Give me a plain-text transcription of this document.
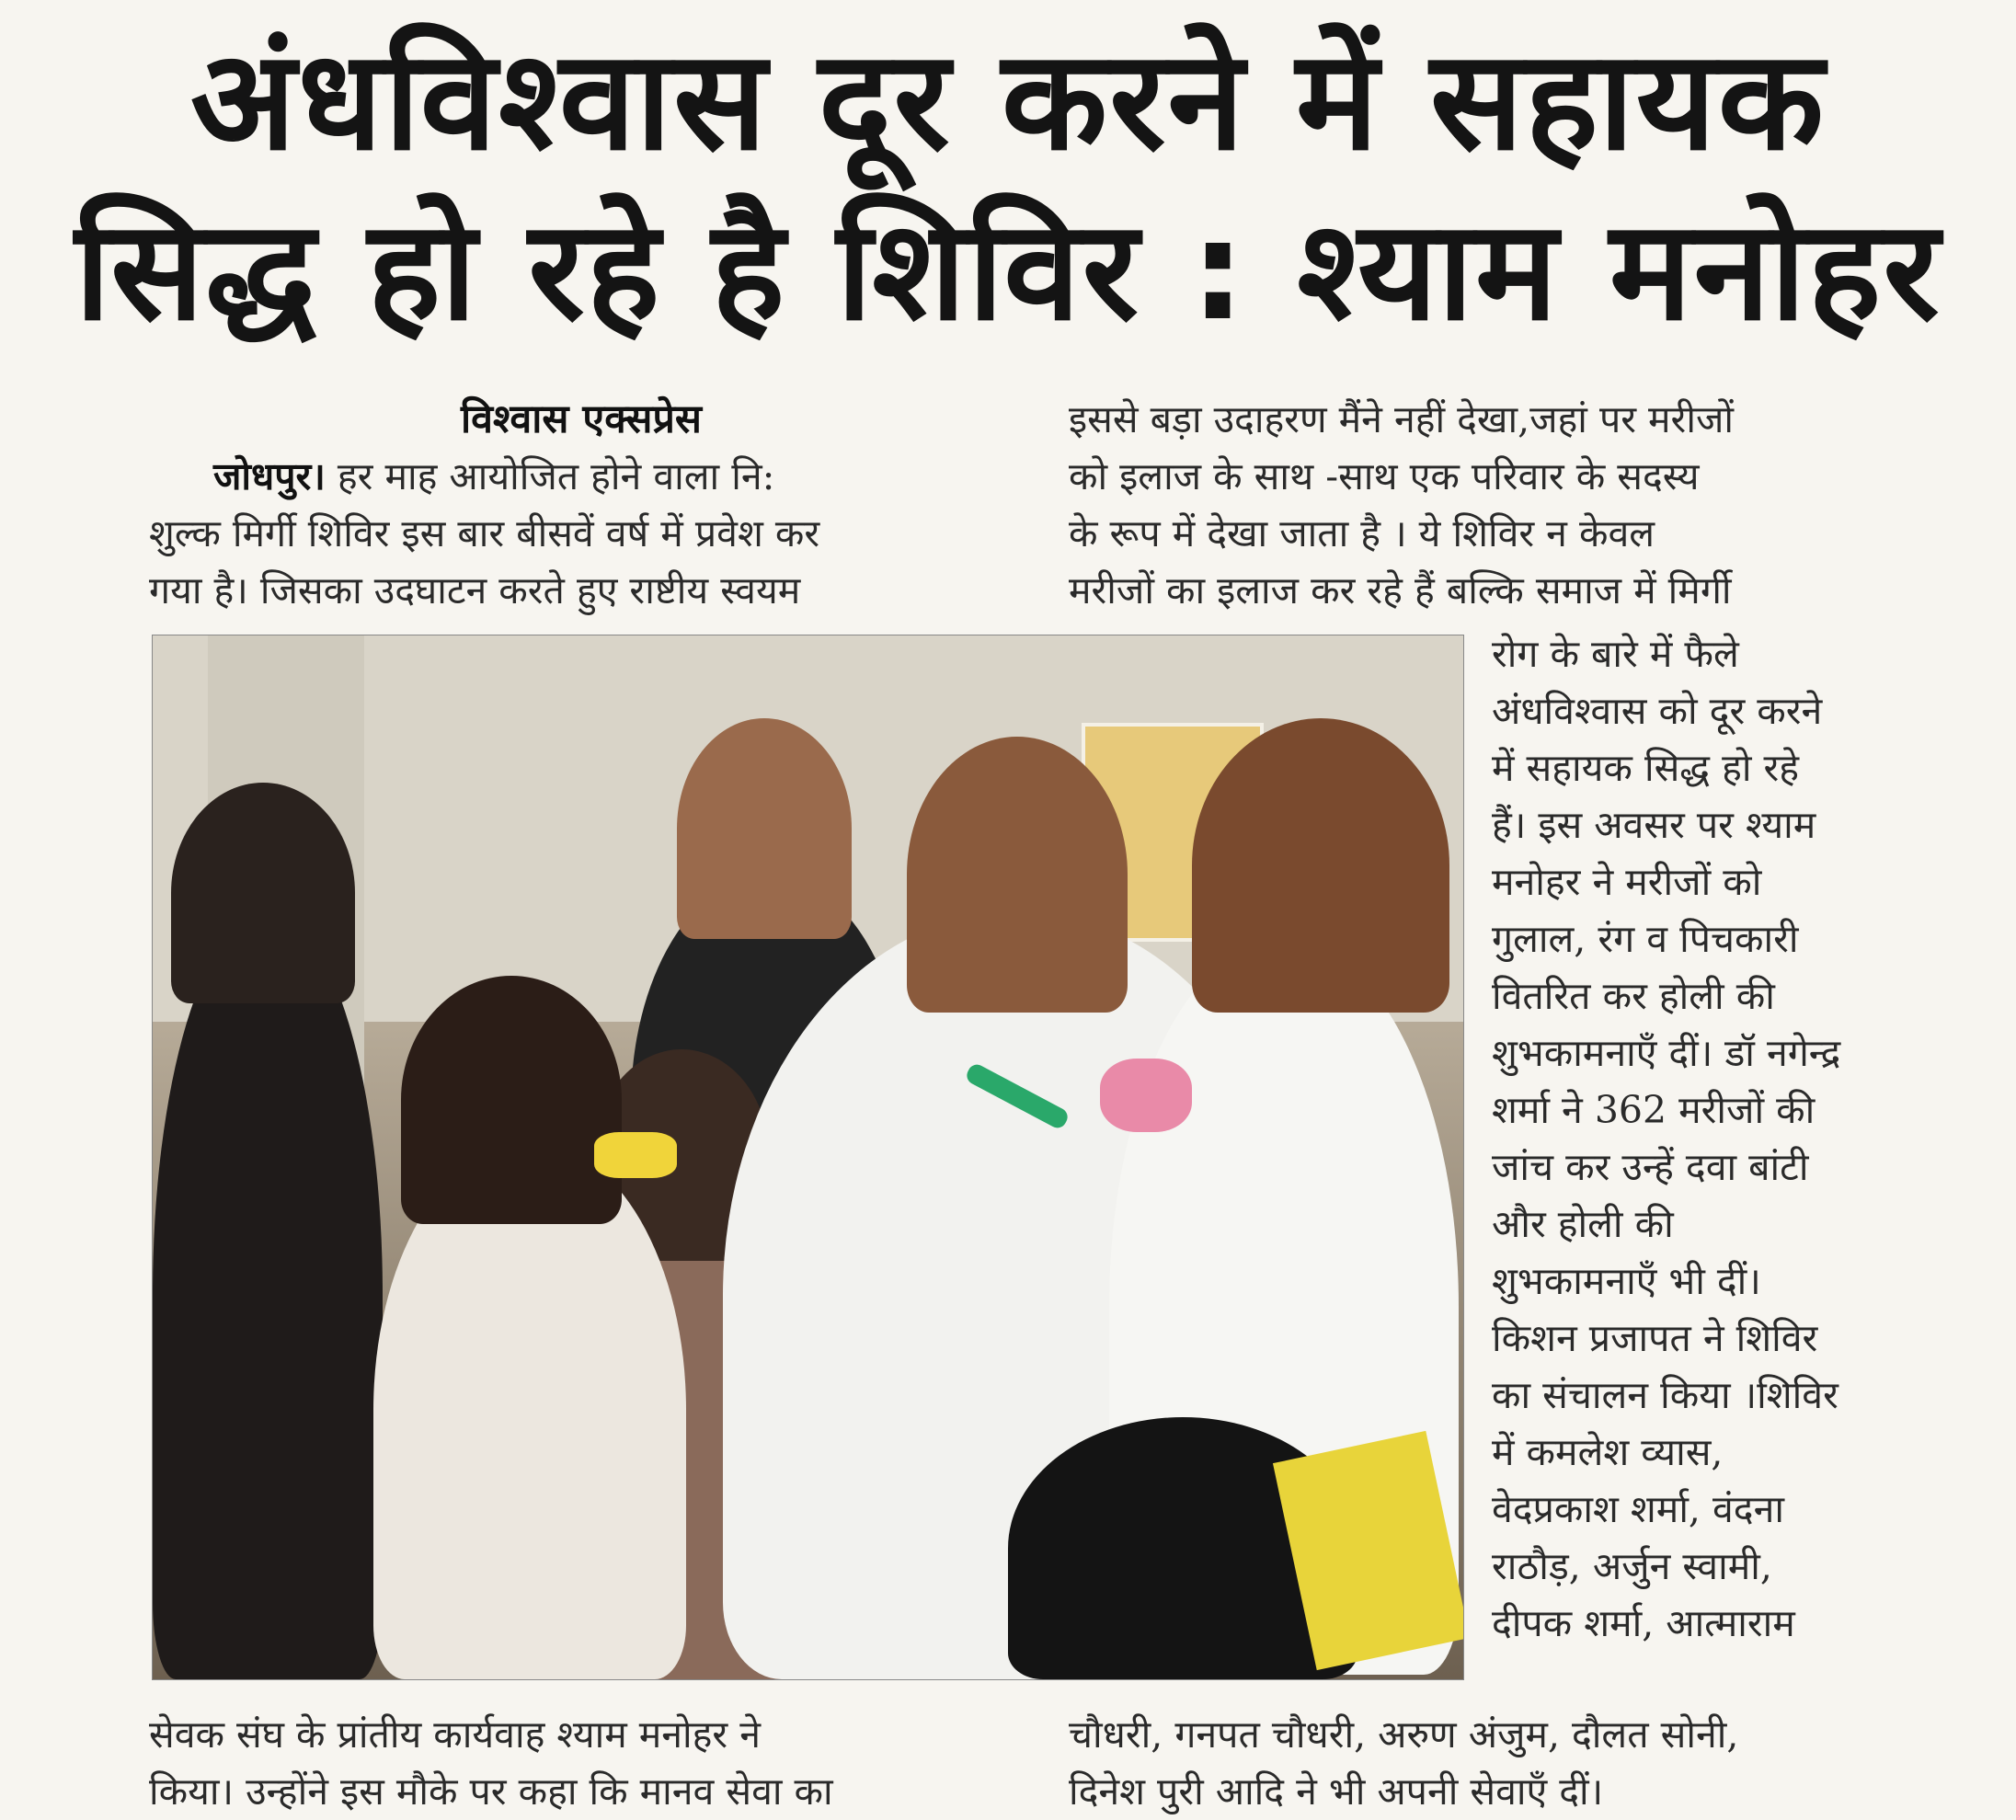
अंधविश्वास दूर करने में सहायक
सिद्ध हो रहे है शिविर : श्याम मनोहर

विश्वास एक्सप्रेस

जोधपुर। हर माह आयोजित होने वाला नि:

शुल्क मिर्गी शिविर इस बार बीसवें वर्ष में प्रवेश कर

गया है। जिसका उदघाटन करते हुए राष्टीय स्वयम

इससे बड़ा उदाहरण मैंने नहीं देखा,जहां पर मरीजों

को इलाज के साथ -साथ एक परिवार के सदस्य

के रूप में देखा जाता है । ये शिविर न केवल

मरीजों का इलाज कर रहे हैं बल्कि समाज में मिर्गी

रोग के बारे में फैले

अंधविश्वास को दूर करने

में सहायक सिद्ध हो रहे

हैं। इस अवसर पर श्याम

मनोहर ने मरीजों को

गुलाल, रंग व पिचकारी

वितरित कर होली की

शुभकामनाएँ दीं। डॉ नगेन्द्र

शर्मा ने 362 मरीजों की

जांच कर उन्हें दवा बांटी

और होली की

शुभकामनाएँ भी दीं।

किशन प्रजापत ने शिविर

का संचालन किया ।शिविर

में कमलेश व्यास,

वेदप्रकाश शर्मा, वंदना

राठौड़, अर्जुन स्वामी,

दीपक शर्मा, आत्माराम

सेवक संघ के प्रांतीय कार्यवाह श्याम मनोहर ने

किया। उन्होंने इस मौके पर कहा कि मानव सेवा का

चौधरी, गनपत चौधरी, अरुण अंजुम, दौलत सोनी,

दिनेश पुरी आदि ने भी अपनी सेवाएँ दीं।
